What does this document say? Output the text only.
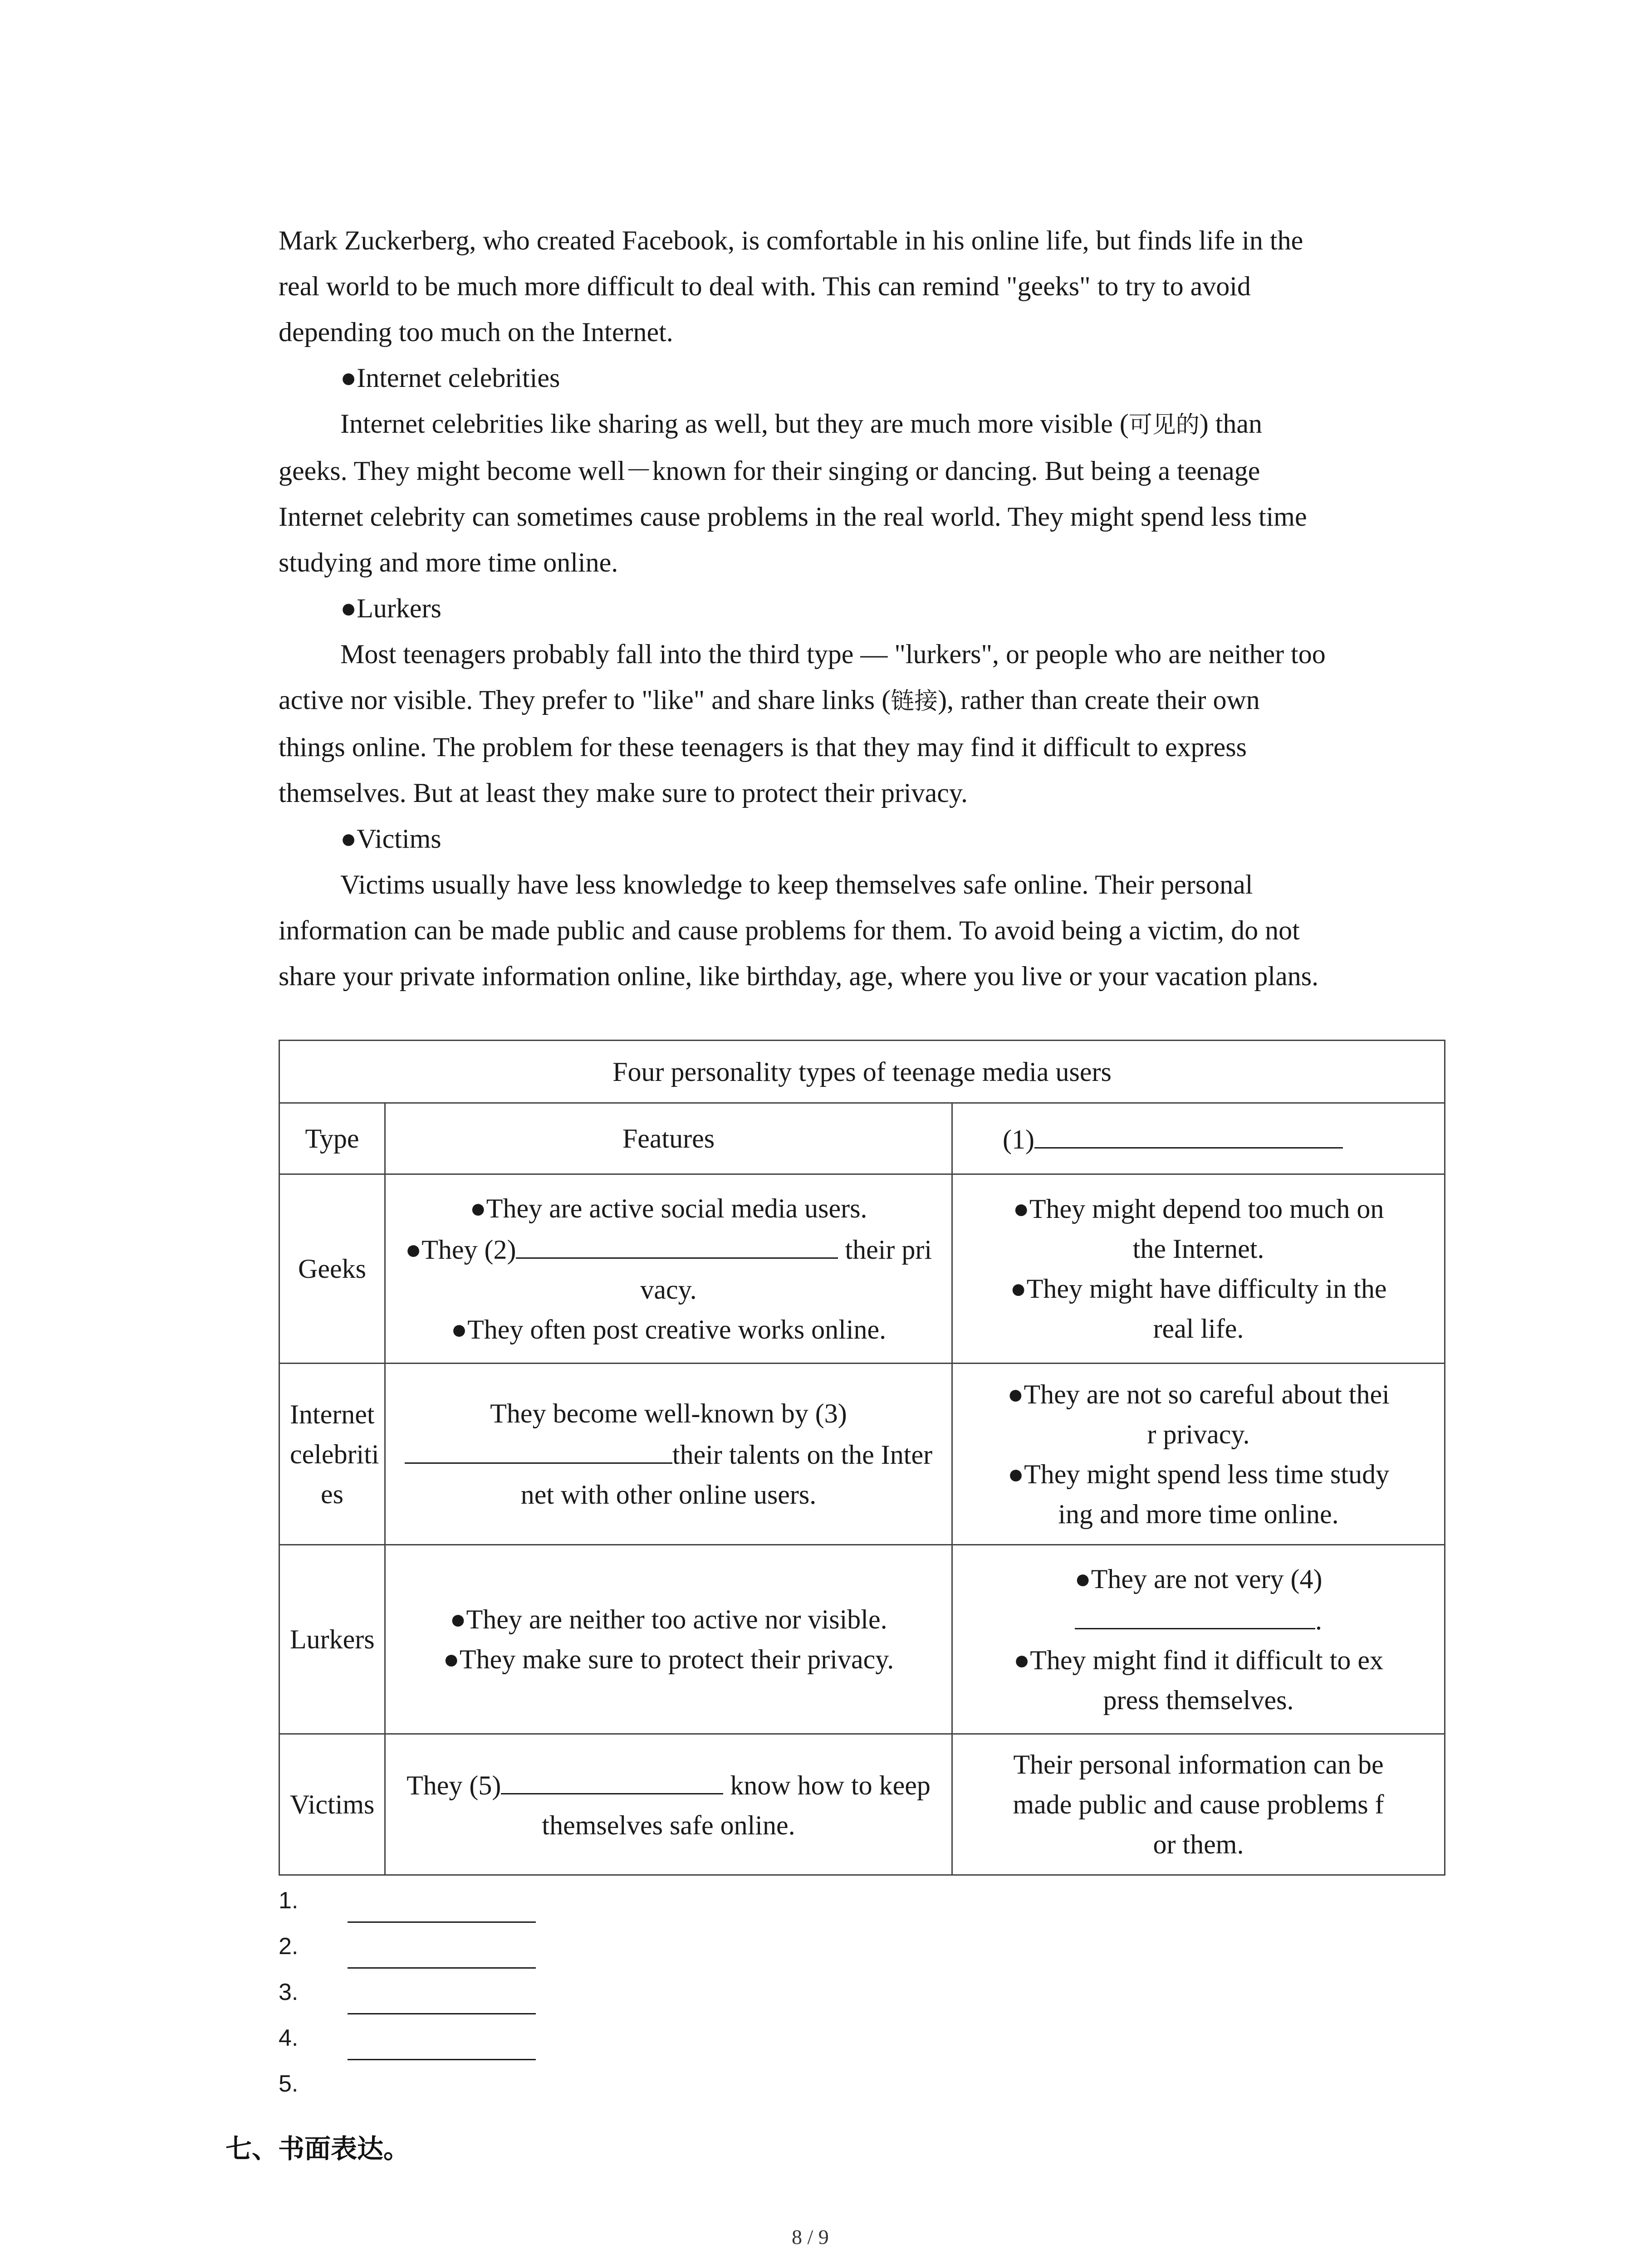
Mark Zuckerberg, who created Facebook, is comfortable in his online life, but finds life in the

real world to be much more difficult to deal with. This can remind "geeks" to try to avoid

depending too much on the Internet.

●Internet celebrities

Internet celebrities like sharing as well, but they are much more visible (可见的) than

geeks. They might become well－known for their singing or dancing. But being a teenage

Internet celebrity can sometimes cause problems in the real world. They might spend less time

studying and more time online.

●Lurkers

Most teenagers probably fall into the third type — "lurkers", or people who are neither too

active nor visible. They prefer to "like" and share links (链接), rather than create their own

things online. The problem for these teenagers is that they may find it difficult to express

themselves. But at least they make sure to protect their privacy.

●Victims

Victims usually have less knowledge to keep themselves safe online. Their personal

information can be made public and cause problems for them. To avoid being a victim, do not

share your private information online, like birthday, age, where you live or your vacation plans.

Four personality types of teenage media users		
Type	Features	(1)
Geeks	●They are active social media users.
●They (2) their pri
vacy.
●They often post creative works online.	●They might depend too much on
the Internet.
●They might have difficulty in the
real life.

Internet
celebriti
es	They become well-known by (3)
their talents on the Inter
net with other online users.	●They are not so careful about thei
r privacy.
●They might spend less time study
ing and more time online.

Lurkers	●They are neither too active nor visible.
●They make sure to protect their privacy.	●They are not very (4)
.
●They might find it difficult to ex
press themselves.

Victims	They (5) know how to keep
themselves safe online.	Their personal information can be
made public and cause problems f
or them.
1.
2.
3.
4.
5.
七、书面表达。
8 / 9
